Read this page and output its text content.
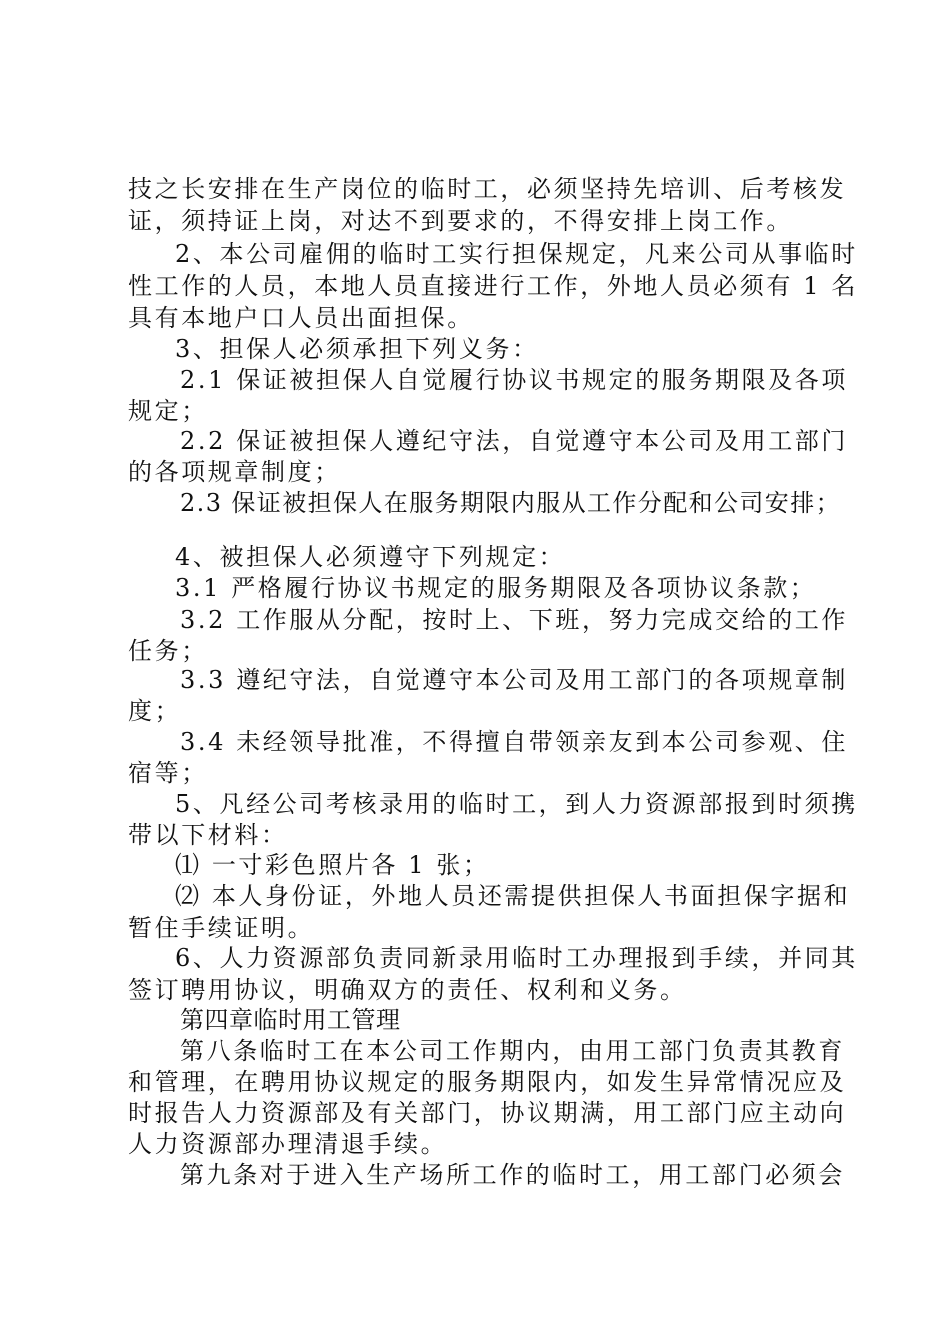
技之长安排在生产岗位的临时工，必须坚持先培训、后考核发
证，须持证上岗，对达不到要求的，不得安排上岗工作。
2、本公司雇佣的临时工实行担保规定，凡来公司从事临时
性工作的人员，本地人员直接进行工作，外地人员必须有 1 名
具有本地户口人员出面担保。
3、担保人必须承担下列义务：
2.1 保证被担保人自觉履行协议书规定的服务期限及各项
规定；
2.2 保证被担保人遵纪守法，自觉遵守本公司及用工部门
的各项规章制度；
2.3 保证被担保人在服务期限内服从工作分配和公司安排；
4、被担保人必须遵守下列规定：
3.1 严格履行协议书规定的服务期限及各项协议条款；
3.2 工作服从分配，按时上、下班，努力完成交给的工作
任务；
3.3 遵纪守法，自觉遵守本公司及用工部门的各项规章制
度；
3.4 未经领导批准，不得擅自带领亲友到本公司参观、住
宿等；
5、凡经公司考核录用的临时工，到人力资源部报到时须携
带以下材料：
⑴ 一寸彩色照片各 1 张；
⑵ 本人身份证，外地人员还需提供担保人书面担保字据和
暂住手续证明。
6、人力资源部负责同新录用临时工办理报到手续，并同其
签订聘用协议，明确双方的责任、权利和义务。
第四章临时用工管理
第八条临时工在本公司工作期内，由用工部门负责其教育
和管理，在聘用协议规定的服务期限内，如发生异常情况应及
时报告人力资源部及有关部门，协议期满，用工部门应主动向
人力资源部办理清退手续。
第九条对于进入生产场所工作的临时工，用工部门必须会
